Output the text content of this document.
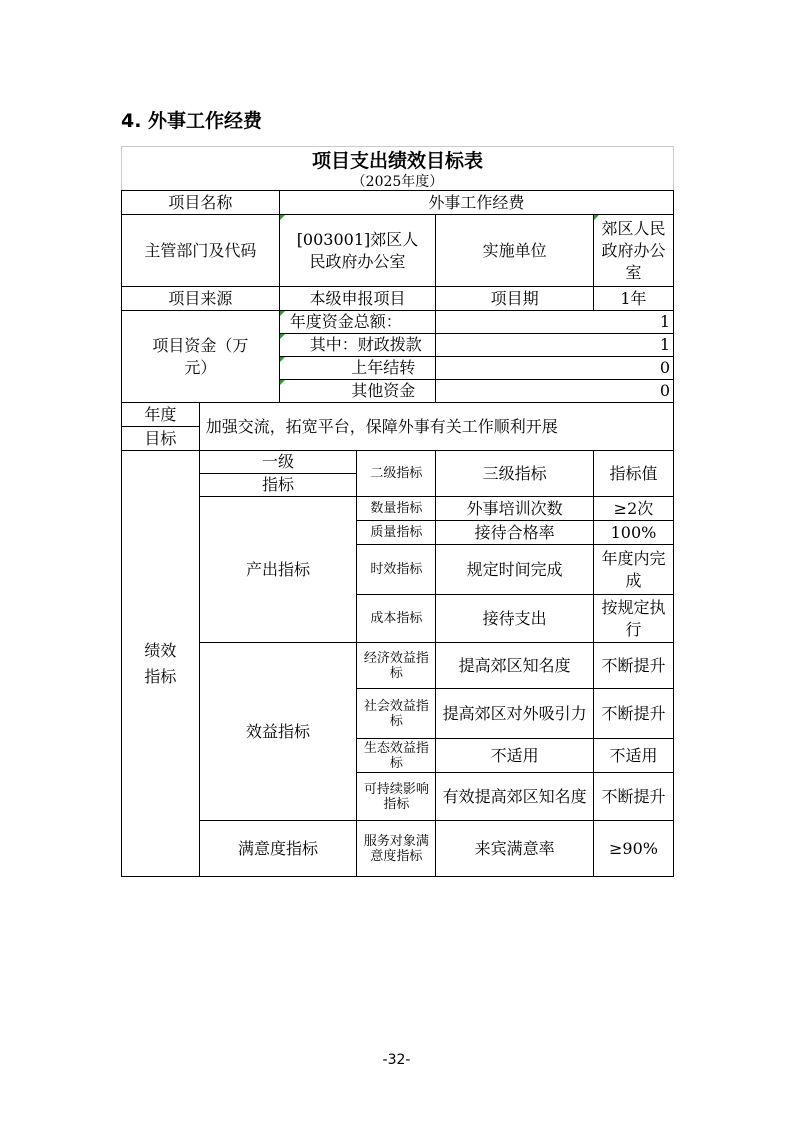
4. 外事工作经费
项目支出绩效目标表
（2025年度）
项目名称		外事工作经费			
主管部门及代码		[003001]郊区人民政府办公室		实施单位	郊区人民政府办公室
项目来源		本级申报项目		项目期	1年
项目资金（万元）		年度资金总额：		1	
		其中：财政拨款		1	
		上年结转		0	
		其他资金		0	
年度	加强交流，拓宽平台，保障外事有关工作顺利开展				
目标					
绩效指标	一级		二级指标	三级指标	指标值
	指标				
	产出指标		数量指标	外事培训次数	≥2次
			质量指标	接待合格率	100%
			时效指标	规定时间完成	年度内完成
			成本指标	接待支出	按规定执行
	效益指标		经济效益指标	提高郊区知名度	不断提升
			社会效益指标	提高郊区对外吸引力	不断提升
			生态效益指标	不适用	不适用
			可持续影响指标	有效提高郊区知名度	不断提升
	满意度指标		服务对象满意度指标	来宾满意率	≥90%
-32-
